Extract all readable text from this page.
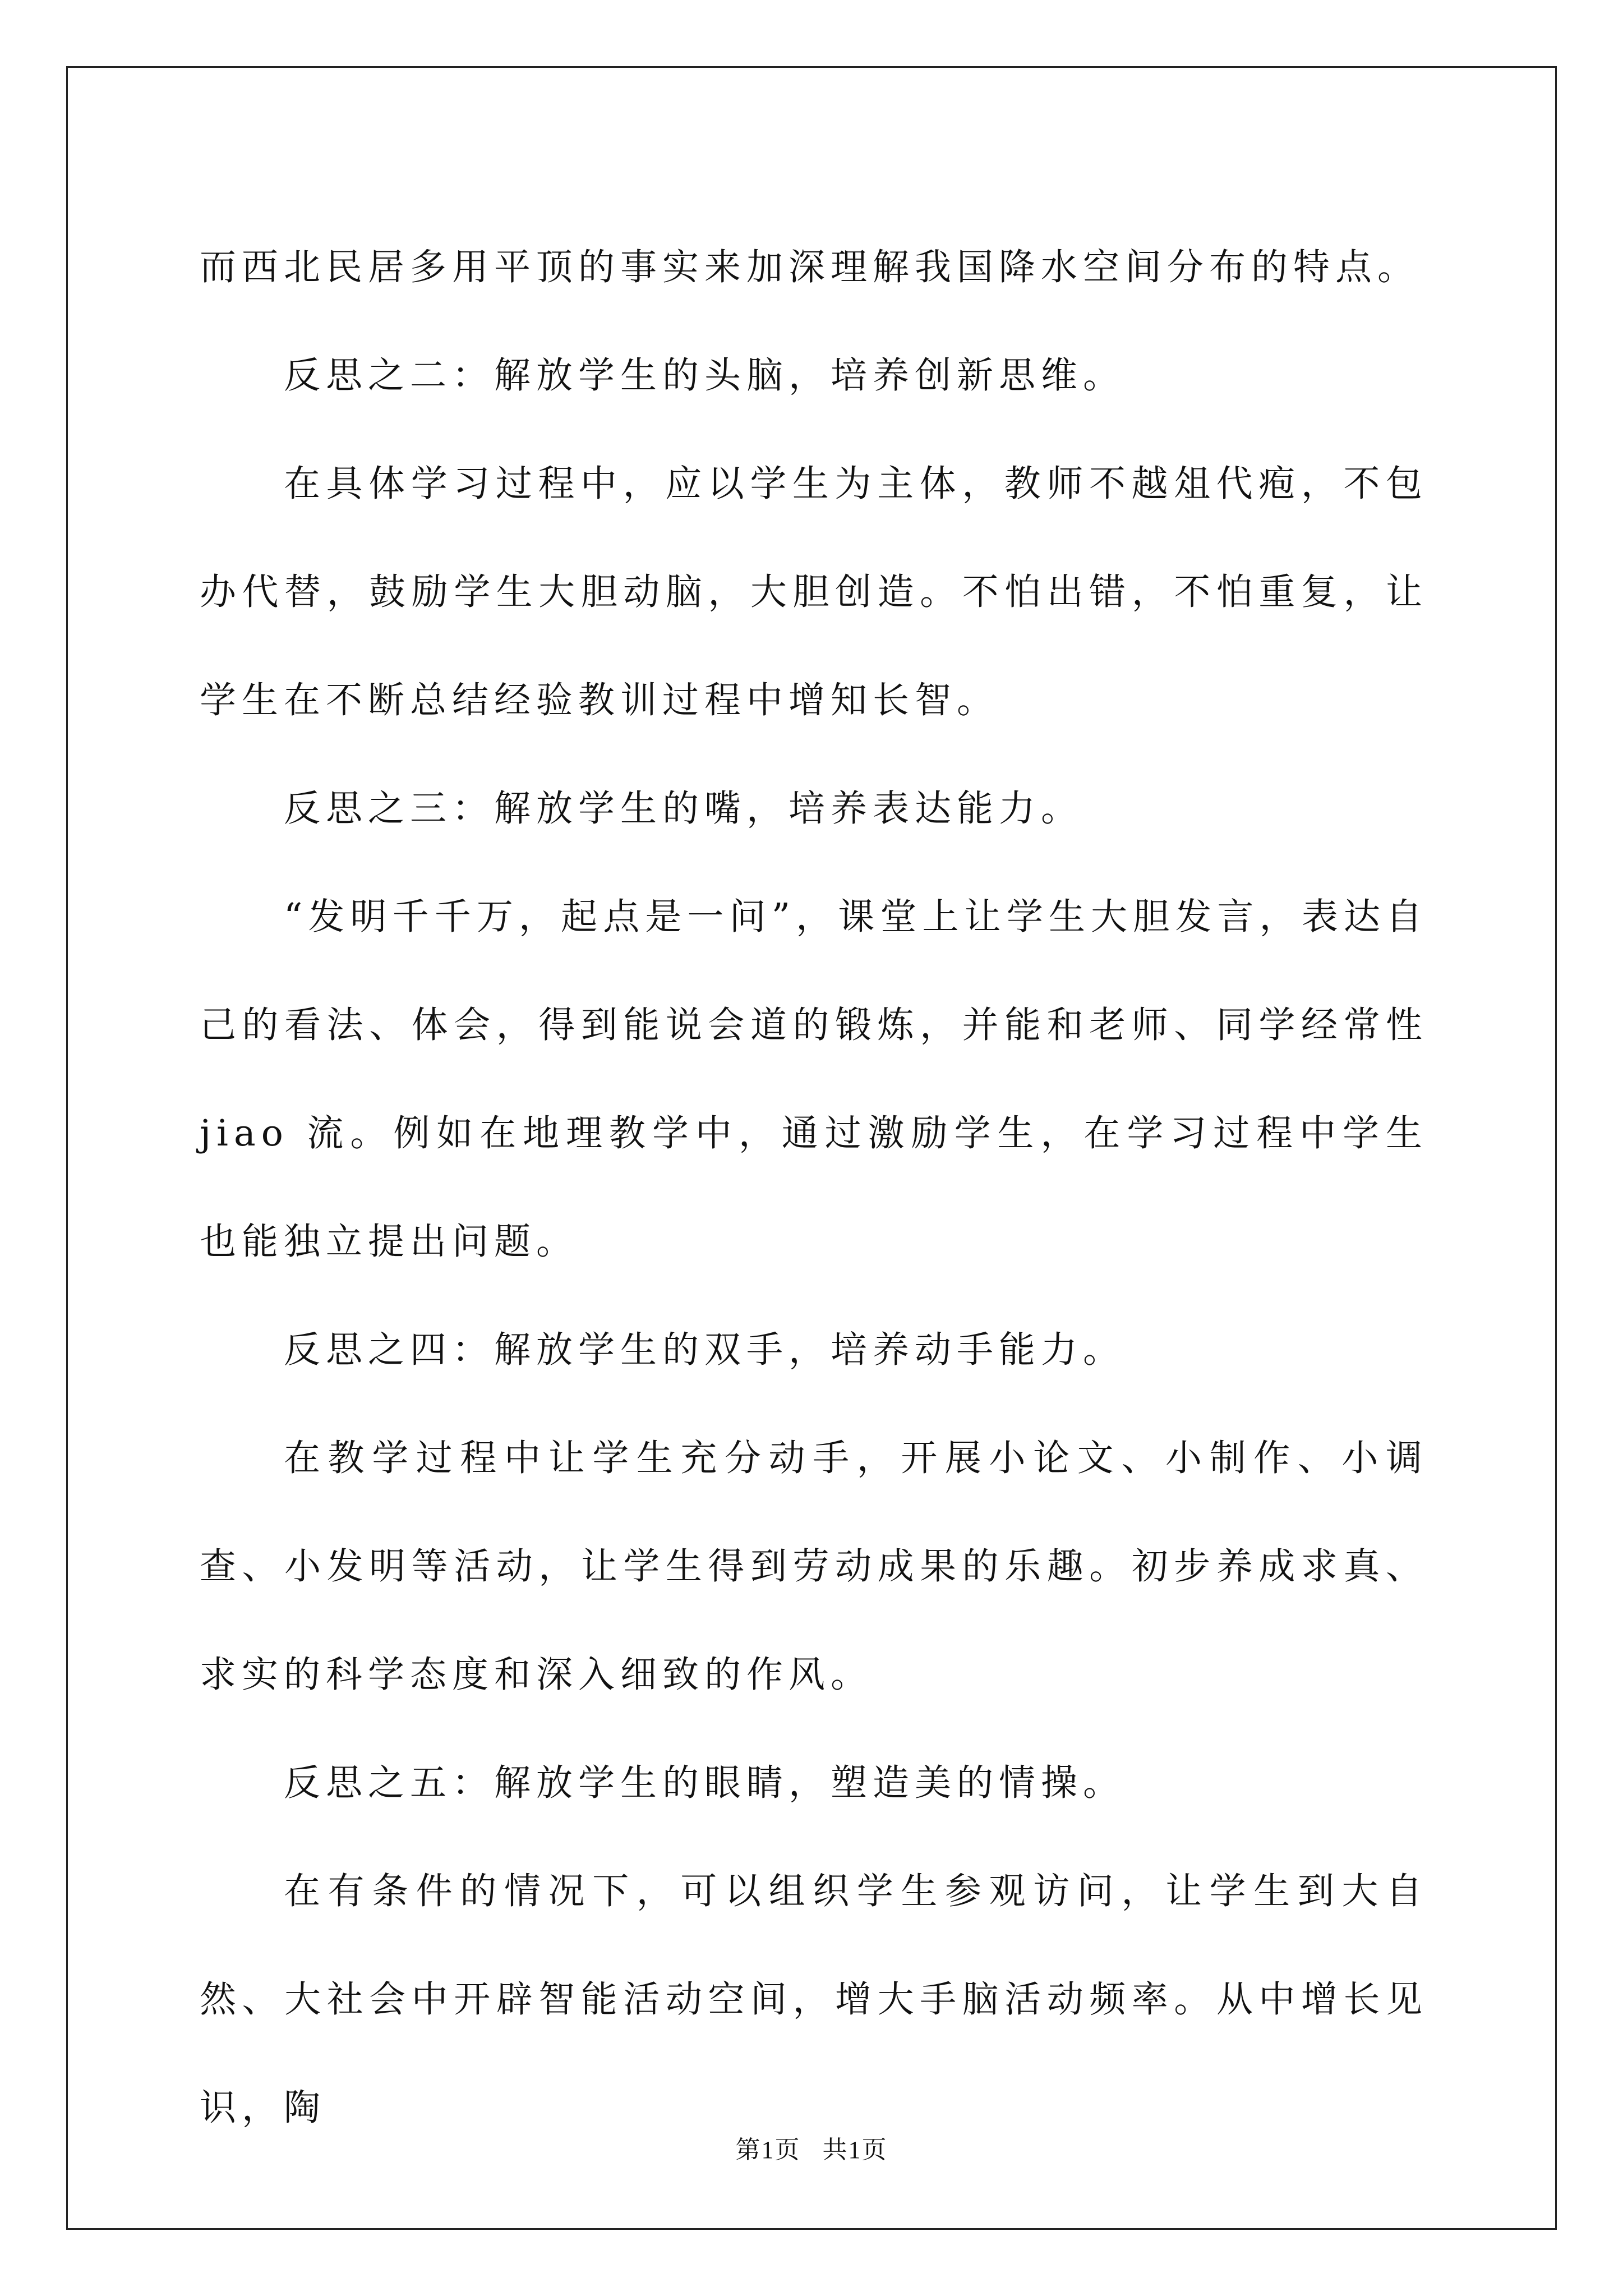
而西北民居多用平顶的事实来加深理解我国降水空间分布的特点。

反思之二：解放学生的头脑，培养创新思维。

在具体学习过程中，应以学生为主体，教师不越俎代疱，不包办代替，鼓励学生大胆动脑，大胆创造。不怕出错，不怕重复，让学生在不断总结经验教训过程中增知长智。

反思之三：解放学生的嘴，培养表达能力。

“发明千千万，起点是一问”，课堂上让学生大胆发言，表达自己的看法、体会，得到能说会道的锻炼，并能和老师、同学经常性 jiao 流。例如在地理教学中，通过激励学生，在学习过程中学生也能独立提出问题。

反思之四：解放学生的双手，培养动手能力。

在教学过程中让学生充分动手，开展小论文、小制作、小调查、小发明等活动，让学生得到劳动成果的乐趣。初步养成求真、求实的科学态度和深入细致的作风。

反思之五：解放学生的眼睛，塑造美的情操。

在有条件的情况下，可以组织学生参观访问，让学生到大自然、大社会中开辟智能活动空间，增大手脑活动频率。从中增长见识，陶

第1页 共1页
